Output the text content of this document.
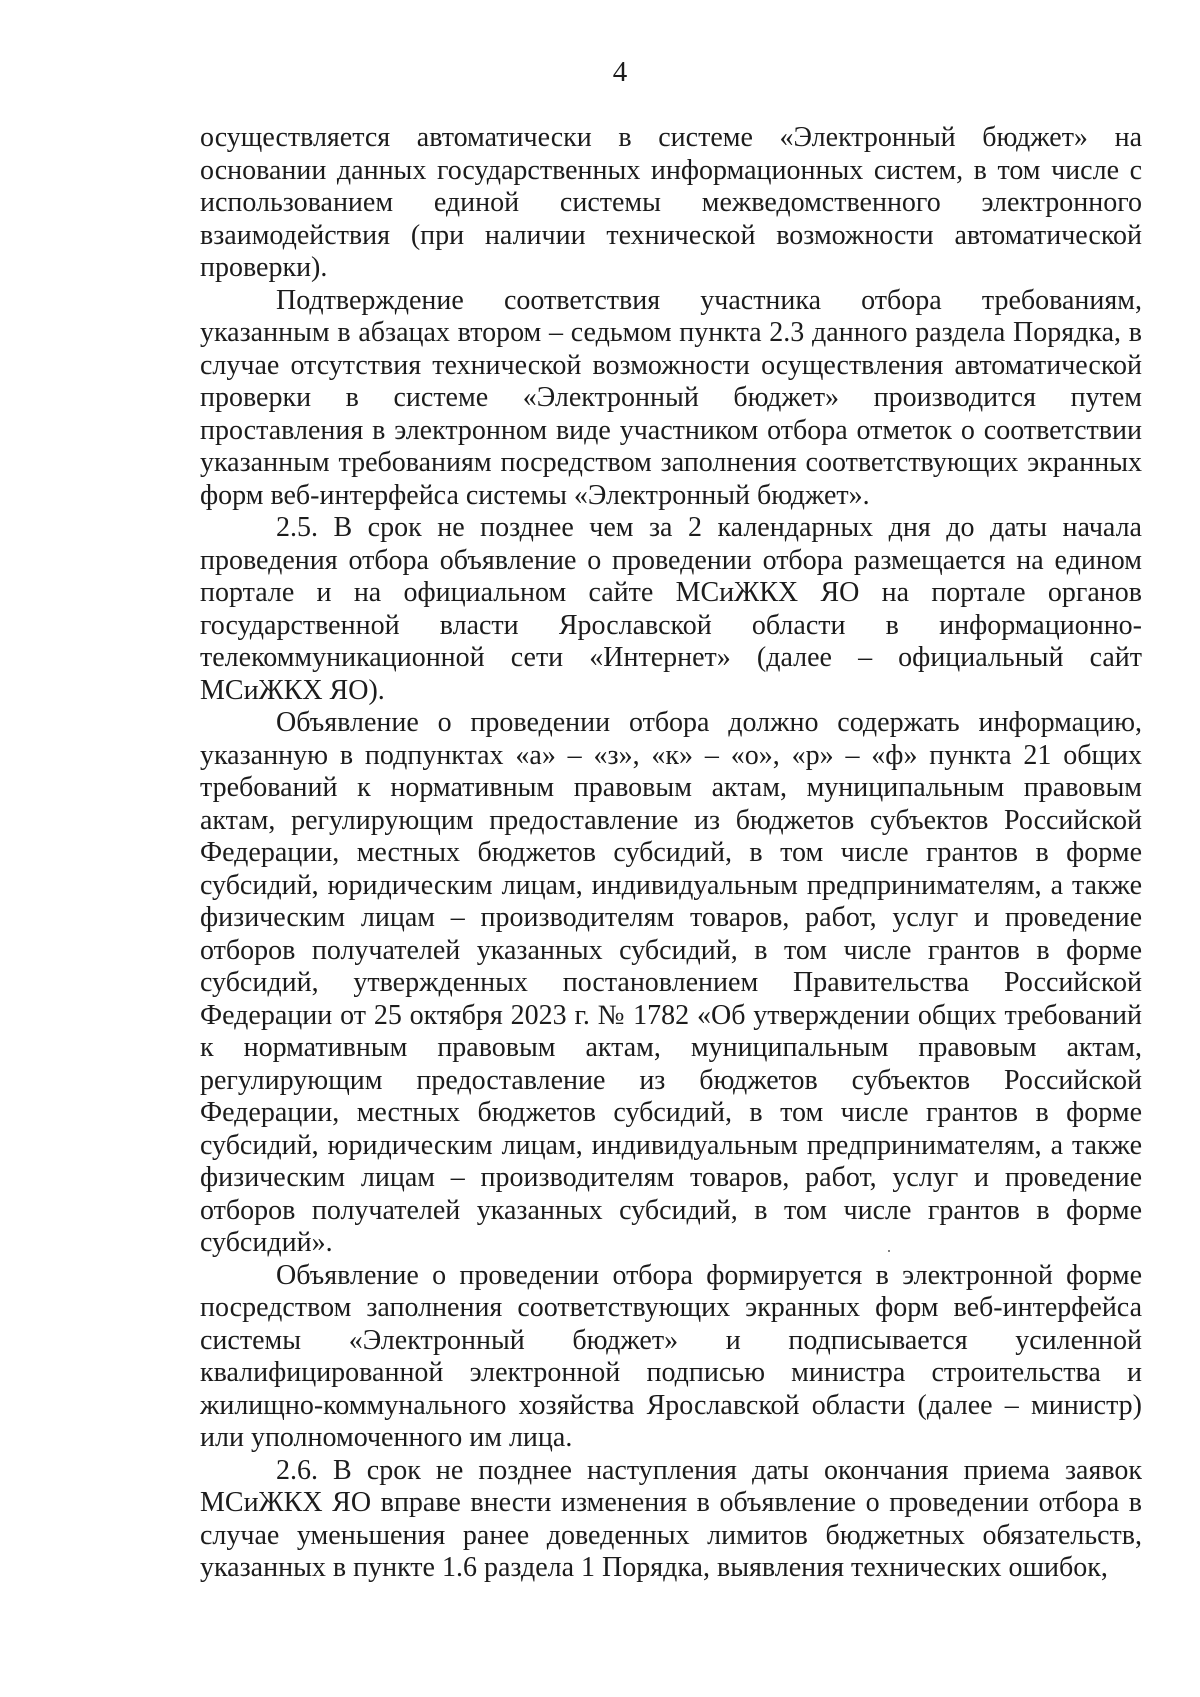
4

осуществляется автоматически в системе «Электронный бюджет» на основании данных государственных информационных систем, в том числе с использованием единой системы межведомственного электронного взаимодействия (при наличии технической возможности автоматической проверки).

Подтверждение соответствия участника отбора требованиям, указанным в абзацах втором – седьмом пункта 2.3 данного раздела Порядка, в случае отсутствия технической возможности осуществления автоматической проверки в системе «Электронный бюджет» производится путем проставления в электронном виде участником отбора отметок о соответствии указанным требованиям посредством заполнения соответствующих экранных форм веб-интерфейса системы «Электронный бюджет».

2.5. В срок не позднее чем за 2 календарных дня до даты начала проведения отбора объявление о проведении отбора размещается на едином портале и на официальном сайте МСиЖКХ ЯО на портале органов государственной власти Ярославской области в информационно-телекоммуникационной сети «Интернет» (далее – официальный сайт МСиЖКХ ЯО).

Объявление о проведении отбора должно содержать информацию, указанную в подпунктах «а» – «з», «к» – «о», «р» – «ф» пункта 21 общих требований к нормативным правовым актам, муниципальным правовым актам, регулирующим предоставление из бюджетов субъектов Российской Федерации, местных бюджетов субсидий, в том числе грантов в форме субсидий, юридическим лицам, индивидуальным предпринимателям, а также физическим лицам – производителям товаров, работ, услуг и проведение отборов получателей указанных субсидий, в том числе грантов в форме субсидий, утвержденных постановлением Правительства Российской Федерации от 25 октября 2023 г. № 1782 «Об утверждении общих требований к нормативным правовым актам, муниципальным правовым актам, регулирующим предоставление из бюджетов субъектов Российской Федерации, местных бюджетов субсидий, в том числе грантов в форме субсидий, юридическим лицам, индивидуальным предпринимателям, а также физическим лицам – производителям товаров, работ, услуг и проведение отборов получателей указанных субсидий, в том числе грантов в форме субсидий».

Объявление о проведении отбора формируется в электронной форме посредством заполнения соответствующих экранных форм веб-интерфейса системы «Электронный бюджет» и подписывается усиленной квалифицированной электронной подписью министра строительства и жилищно-коммунального хозяйства Ярославской области (далее – министр) или уполномоченного им лица.

2.6. В срок не позднее наступления даты окончания приема заявок МСиЖКХ ЯО вправе внести изменения в объявление о проведении отбора в случае уменьшения ранее доведенных лимитов бюджетных обязательств, указанных в пункте 1.6 раздела 1 Порядка, выявления технических ошибок,
